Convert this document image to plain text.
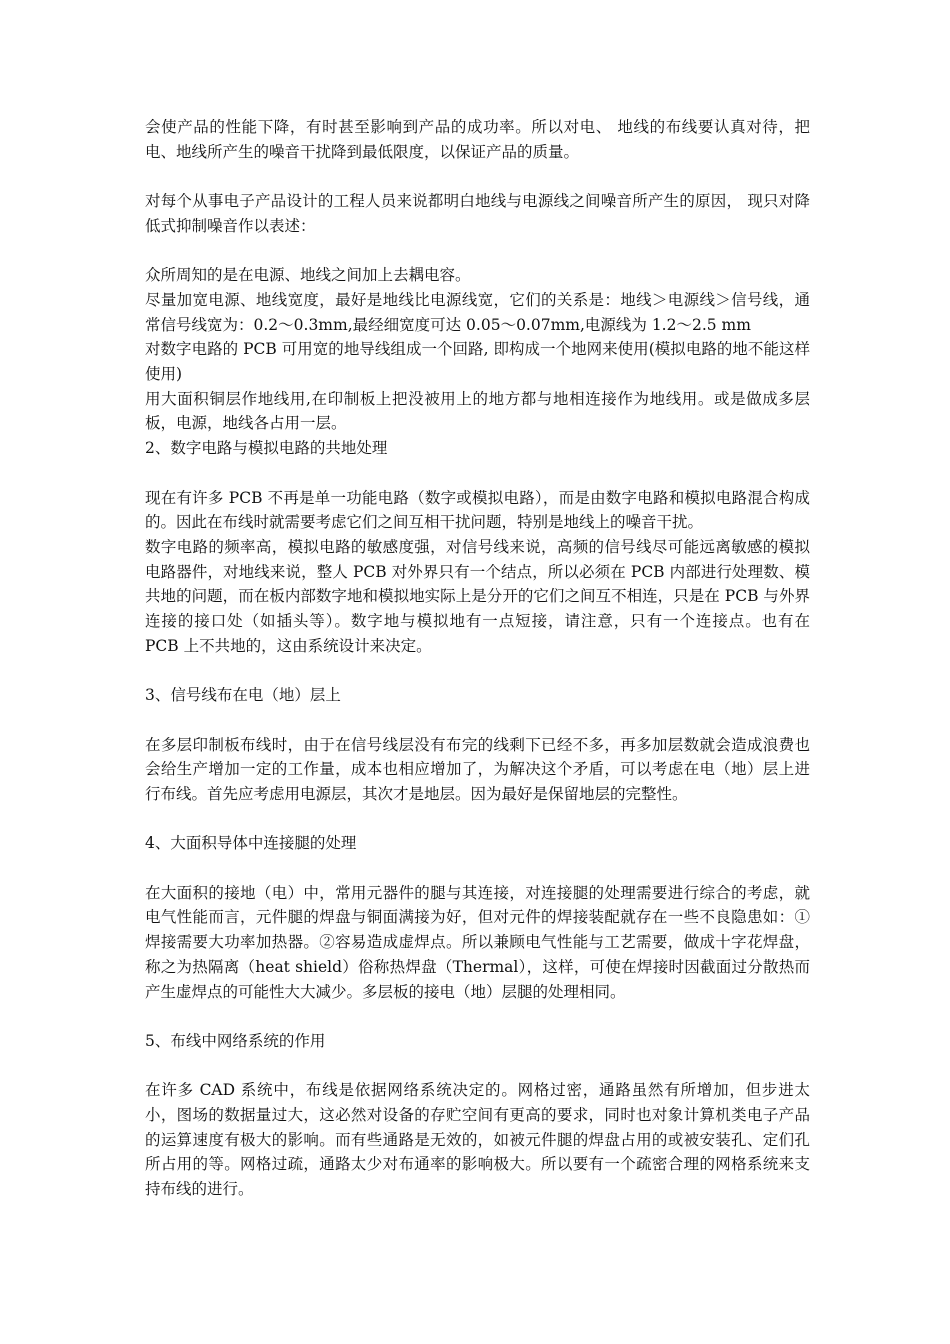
会使产品的性能下降，有时甚至影响到产品的成功率。所以对电、 地线的布线要认真对待，把电、地线所产生的噪音干扰降到最低限度，以保证产品的质量。

对每个从事电子产品设计的工程人员来说都明白地线与电源线之间噪音所产生的原因， 现只对降低式抑制噪音作以表述：

众所周知的是在电源、地线之间加上去耦电容。

尽量加宽电源、地线宽度，最好是地线比电源线宽，它们的关系是：地线＞电源线＞信号线，通常信号线宽为：0.2～0.3mm,最经细宽度可达 0.05～0.07mm,电源线为 1.2～2.5 mm

对数字电路的 PCB 可用宽的地导线组成一个回路, 即构成一个地网来使用(模拟电路的地不能这样使用)

用大面积铜层作地线用,在印制板上把没被用上的地方都与地相连接作为地线用。或是做成多层板，电源，地线各占用一层。

2、数字电路与模拟电路的共地处理

现在有许多 PCB 不再是单一功能电路（数字或模拟电路），而是由数字电路和模拟电路混合构成的。因此在布线时就需要考虑它们之间互相干扰问题，特别是地线上的噪音干扰。

数字电路的频率高，模拟电路的敏感度强，对信号线来说，高频的信号线尽可能远离敏感的模拟电路器件，对地线来说，整人 PCB 对外界只有一个结点，所以必须在 PCB 内部进行处理数、模共地的问题，而在板内部数字地和模拟地实际上是分开的它们之间互不相连，只是在 PCB 与外界连接的接口处（如插头等）。数字地与模拟地有一点短接，请注意，只有一个连接点。也有在 PCB 上不共地的，这由系统设计来决定。

3、信号线布在电（地）层上

在多层印制板布线时，由于在信号线层没有布完的线剩下已经不多，再多加层数就会造成浪费也会给生产增加一定的工作量，成本也相应增加了，为解决这个矛盾，可以考虑在电（地）层上进行布线。首先应考虑用电源层，其次才是地层。因为最好是保留地层的完整性。

4、大面积导体中连接腿的处理

在大面积的接地（电）中，常用元器件的腿与其连接，对连接腿的处理需要进行综合的考虑，就电气性能而言，元件腿的焊盘与铜面满接为好，但对元件的焊接装配就存在一些不良隐患如：①焊接需要大功率加热器。②容易造成虚焊点。所以兼顾电气性能与工艺需要，做成十字花焊盘，称之为热隔离（heat shield）俗称热焊盘（Thermal），这样，可使在焊接时因截面过分散热而产生虚焊点的可能性大大减少。多层板的接电（地）层腿的处理相同。

5、布线中网络系统的作用

在许多 CAD 系统中，布线是依据网络系统决定的。网格过密，通路虽然有所增加，但步进太小，图场的数据量过大，这必然对设备的存贮空间有更高的要求，同时也对象计算机类电子产品的运算速度有极大的影响。而有些通路是无效的，如被元件腿的焊盘占用的或被安装孔、定们孔所占用的等。网格过疏，通路太少对布通率的影响极大。所以要有一个疏密合理的网格系统来支持布线的进行。
